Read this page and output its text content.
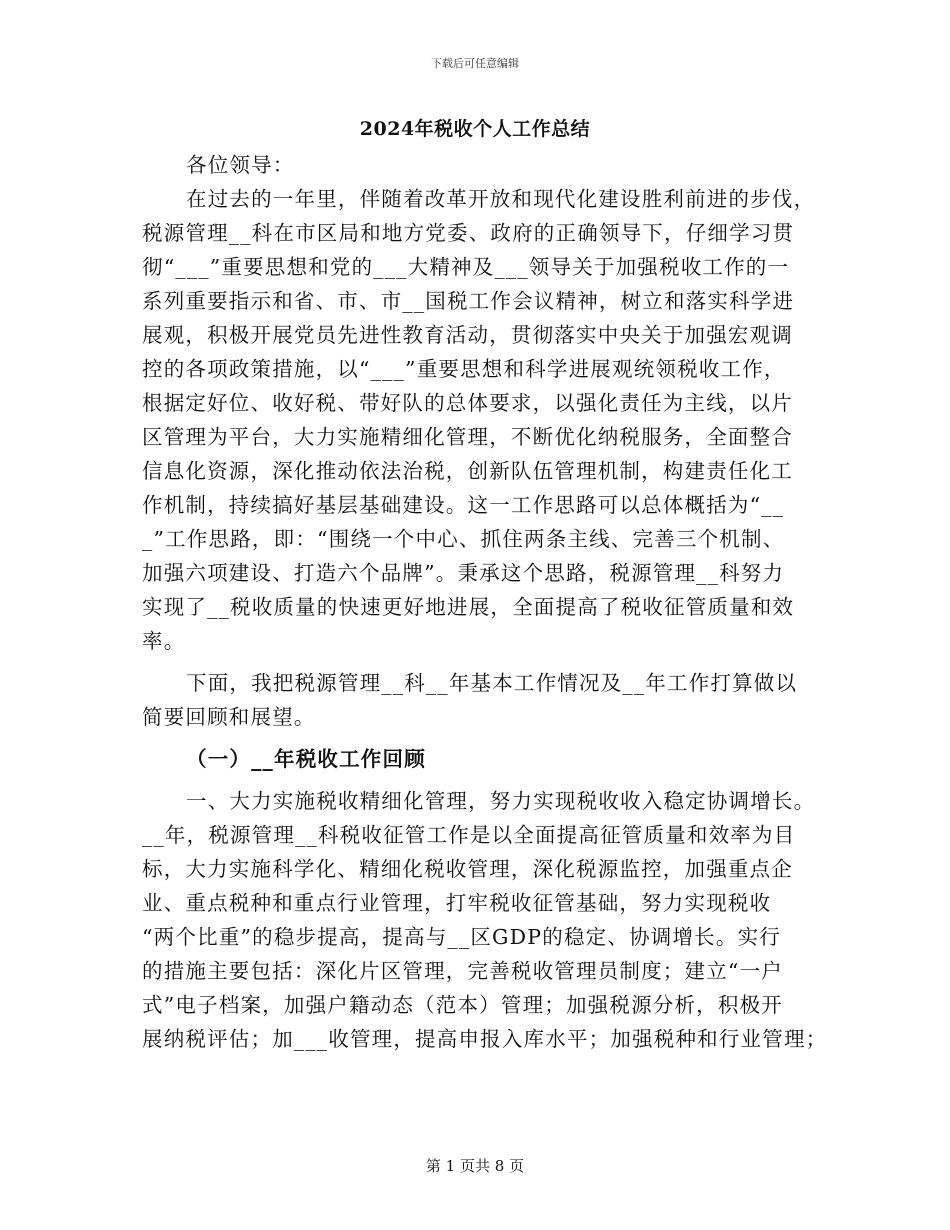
下载后可任意编辑
2024年税收个人工作总结
各位领导：
在过去的一年里，伴随着改革开放和现代化建设胜利前进的步伐，
税源管理__科在市区局和地方党委、政府的正确领导下，仔细学习贯
彻“___”重要思想和党的___大精神及___领导关于加强税收工作的一
系列重要指示和省、市、市__国税工作会议精神，树立和落实科学进
展观，积极开展党员先进性教育活动，贯彻落实中央关于加强宏观调
控的各项政策措施，以“___”重要思想和科学进展观统领税收工作，
根据定好位、收好税、带好队的总体要求，以强化责任为主线，以片
区管理为平台，大力实施精细化管理，不断优化纳税服务，全面整合
信息化资源，深化推动依法治税，创新队伍管理机制，构建责任化工
作机制，持续搞好基层基础建设。这一工作思路可以总体概括为“__
_”工作思路，即：“围绕一个中心、抓住两条主线、完善三个机制、
加强六项建设、打造六个品牌”。秉承这个思路，税源管理__科努力
实现了__税收质量的快速更好地进展，全面提高了税收征管质量和效
率。
下面，我把税源管理__科__年基本工作情况及__年工作打算做以
简要回顾和展望。
（一）__年税收工作回顾
一、大力实施税收精细化管理，努力实现税收收入稳定协调增长。
__年，税源管理__科税收征管工作是以全面提高征管质量和效率为目
标，大力实施科学化、精细化税收管理，深化税源监控，加强重点企
业、重点税种和重点行业管理，打牢税收征管基础，努力实现税收
“两个比重”的稳步提高，提高与__区GDP的稳定、协调增长。实行
的措施主要包括：深化片区管理，完善税收管理员制度；建立“一户
式”电子档案，加强户籍动态（范本）管理；加强税源分析，积极开
展纳税评估；加___收管理，提高申报入库水平；加强税种和行业管理；
第 1 页共 8 页
